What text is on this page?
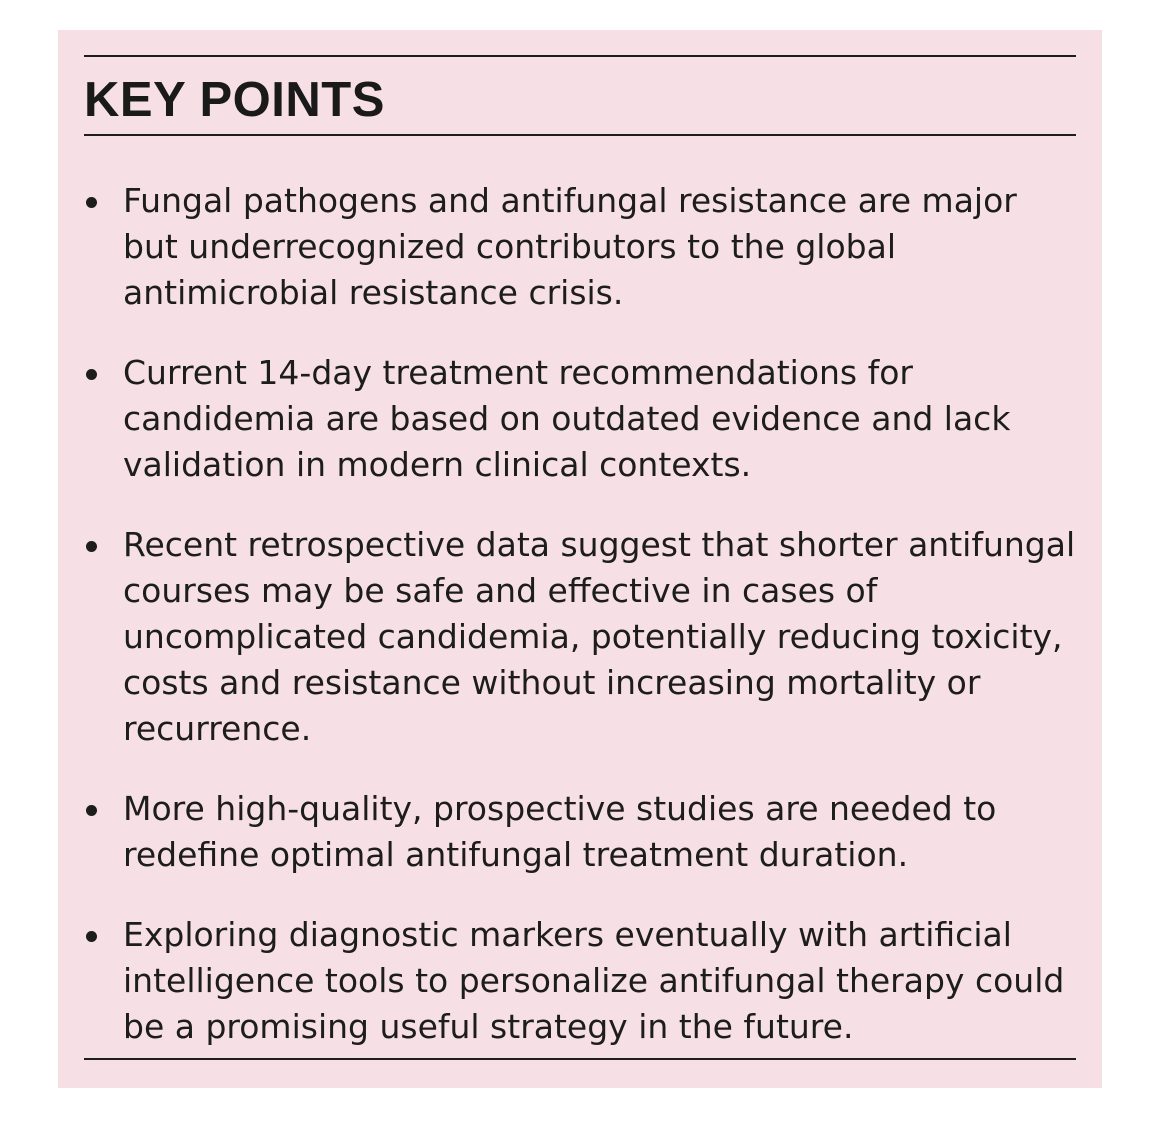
KEY POINTS
Fungal pathogens and antifungal resistance are major but underrecognized contributors to the global antimicrobial resistance crisis.
Current 14-day treatment recommendations for candidemia are based on outdated evidence and lack validation in modern clinical contexts.
Recent retrospective data suggest that shorter antifungal courses may be safe and effective in cases of uncomplicated candidemia, potentially reducing toxicity, costs and resistance without increasing mortality or recurrence.
More high-quality, prospective studies are needed to redefine optimal antifungal treatment duration.
Exploring diagnostic markers eventually with artificial intelligence tools to personalize antifungal therapy could be a promising useful strategy in the future.
